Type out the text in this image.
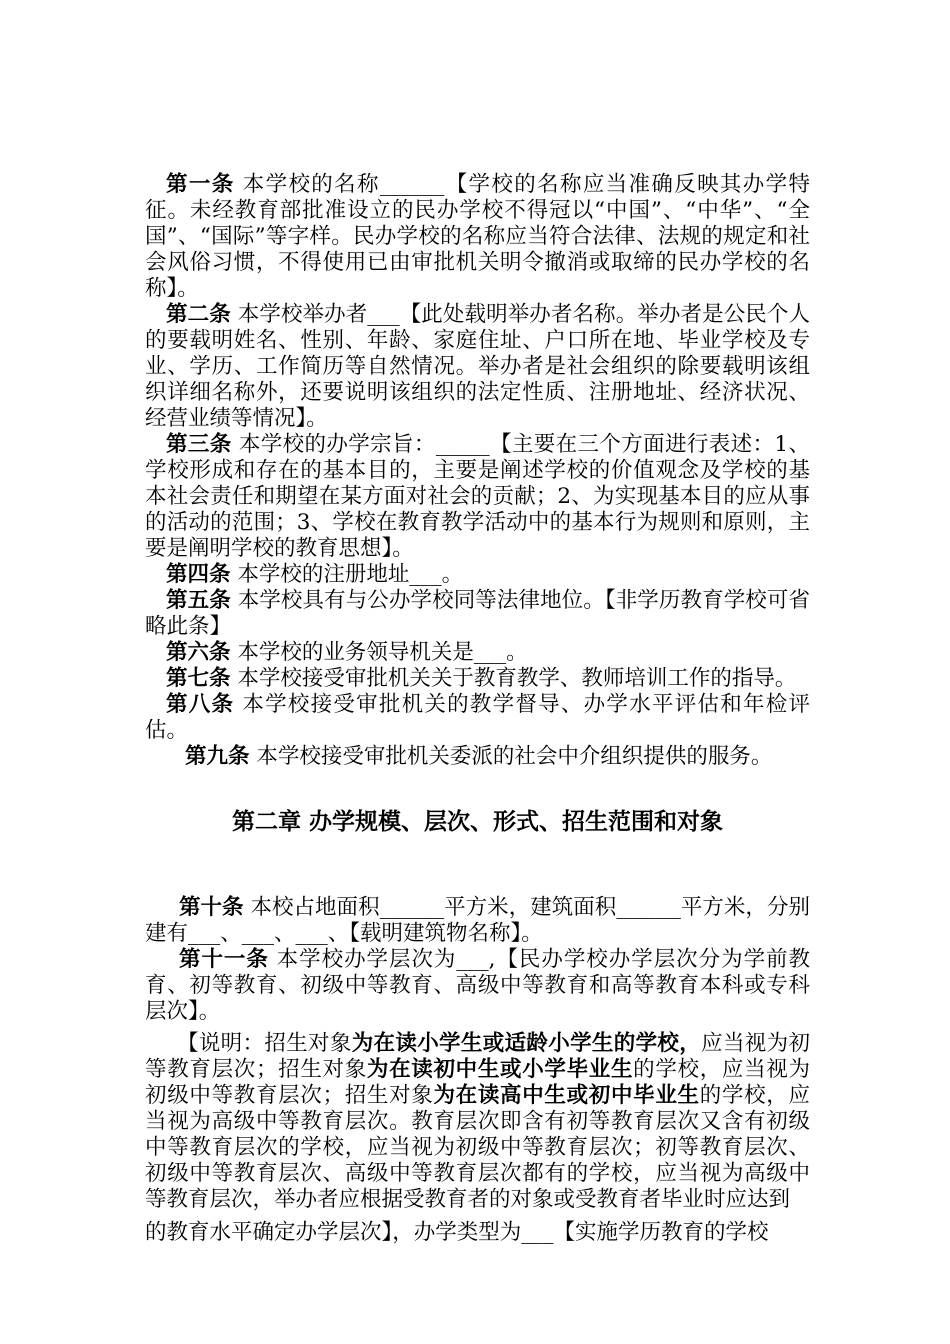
第一条 本学校的名称______【学校的名称应当准确反映其办学特征。未经教育部批准设立的民办学校不得冠以“中国”、“中华”、“全国”、“国际”等字样。民办学校的名称应当符合法律、法规的规定和社会风俗习惯，不得使用已由审批机关明令撤消或取缔的民办学校的名称】。

第二条 本学校举办者___【此处载明举办者名称。举办者是公民个人的要载明姓名、性别、年龄、家庭住址、户口所在地、毕业学校及专业、学历、工作简历等自然情况。举办者是社会组织的除要载明该组织详细名称外，还要说明该组织的法定性质、注册地址、经济状况、经营业绩等情况】。

第三条 本学校的办学宗旨：_____【主要在三个方面进行表述：1、学校形成和存在的基本目的，主要是阐述学校的价值观念及学校的基本社会责任和期望在某方面对社会的贡献；2、为实现基本目的应从事的活动的范围；3、学校在教育教学活动中的基本行为规则和原则，主要是阐明学校的教育思想】。

第四条 本学校的注册地址___。

第五条 本学校具有与公办学校同等法律地位。【非学历教育学校可省略此条】

第六条 本学校的业务领导机关是___。

第七条 本学校接受审批机关关于教育教学、教师培训工作的指导。

第八条 本学校接受审批机关的教学督导、办学水平评估和年检评估。

第九条 本学校接受审批机关委派的社会中介组织提供的服务。

第二章 办学规模、层次、形式、招生范围和对象

第十条 本校占地面积______平方米，建筑面积______平方米，分别建有___、___、___、【载明建筑物名称】。

第十一条 本学校办学层次为___,【民办学校办学层次分为学前教育、初等教育、初级中等教育、高级中等教育和高等教育本科或专科层次】。

【说明：招生对象为在读小学生或适龄小学生的学校，应当视为初等教育层次；招生对象为在读初中生或小学毕业生的学校，应当视为初级中等教育层次；招生对象为在读高中生或初中毕业生的学校，应当视为高级中等教育层次。教育层次即含有初等教育层次又含有初级中等教育层次的学校，应当视为初级中等教育层次；初等教育层次、初级中等教育层次、高级中等教育层次都有的学校，应当视为高级中等教育层次，举办者应根据受教育者的对象或受教育者毕业时应达到

的教育水平确定办学层次】，办学类型为___【实施学历教育的学校
